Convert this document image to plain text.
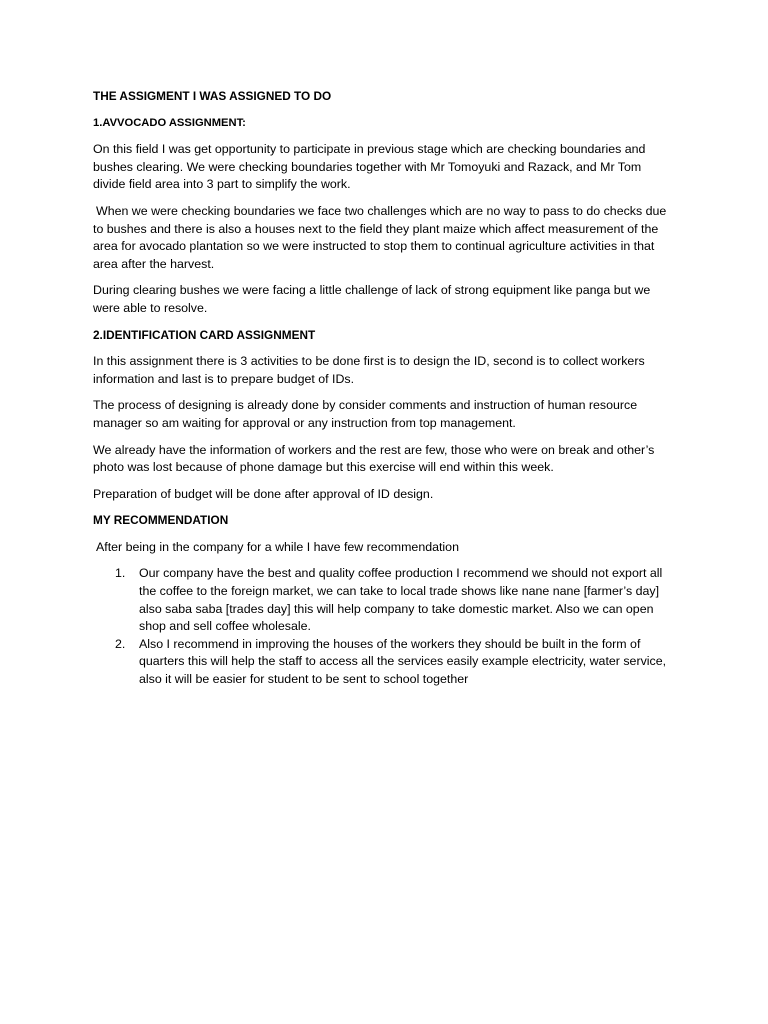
THE ASSIGMENT I WAS ASSIGNED TO DO
1.AVVOCADO ASSIGNMENT:

On this field I was get opportunity to participate in previous stage which are checking boundaries and bushes clearing. We were checking boundaries together with Mr Tomoyuki and Razack, and Mr Tom divide field area into 3 part to simplify the work.

When we were checking boundaries we face two challenges which are no way to pass to do checks due to bushes and there is also a houses next to the field they plant maize which affect measurement of the area for avocado plantation so we were instructed to stop them to continual agriculture activities in that area after the harvest.

During clearing bushes we were facing a little challenge of lack of strong equipment like panga but we were able to resolve.

2.IDENTIFICATION CARD ASSIGNMENT

In this assignment there is 3 activities to be done first is to design the ID, second is to collect workers information and last is to prepare budget of IDs.

The process of designing is already done by consider comments and instruction of human resource manager so am waiting for approval or any instruction from top management.

We already have the information of workers and the rest are few, those who were on break and other’s photo was lost because of phone damage but this exercise will end within this week.

Preparation of budget will be done after approval of ID design.

MY RECOMMENDATION

After being in the company for a while I have few recommendation

1. Our company have the best and quality coffee production I recommend we should not export all the coffee to the foreign market, we can take to local trade shows like nane nane [farmer’s day] also saba saba [trades day] this will help company to take domestic market. Also we can open shop and sell coffee wholesale.
2. Also I recommend in improving the houses of the workers they should be built in the form of quarters this will help the staff to access all the services easily example electricity, water service, also it will be easier for student to be sent to school together
